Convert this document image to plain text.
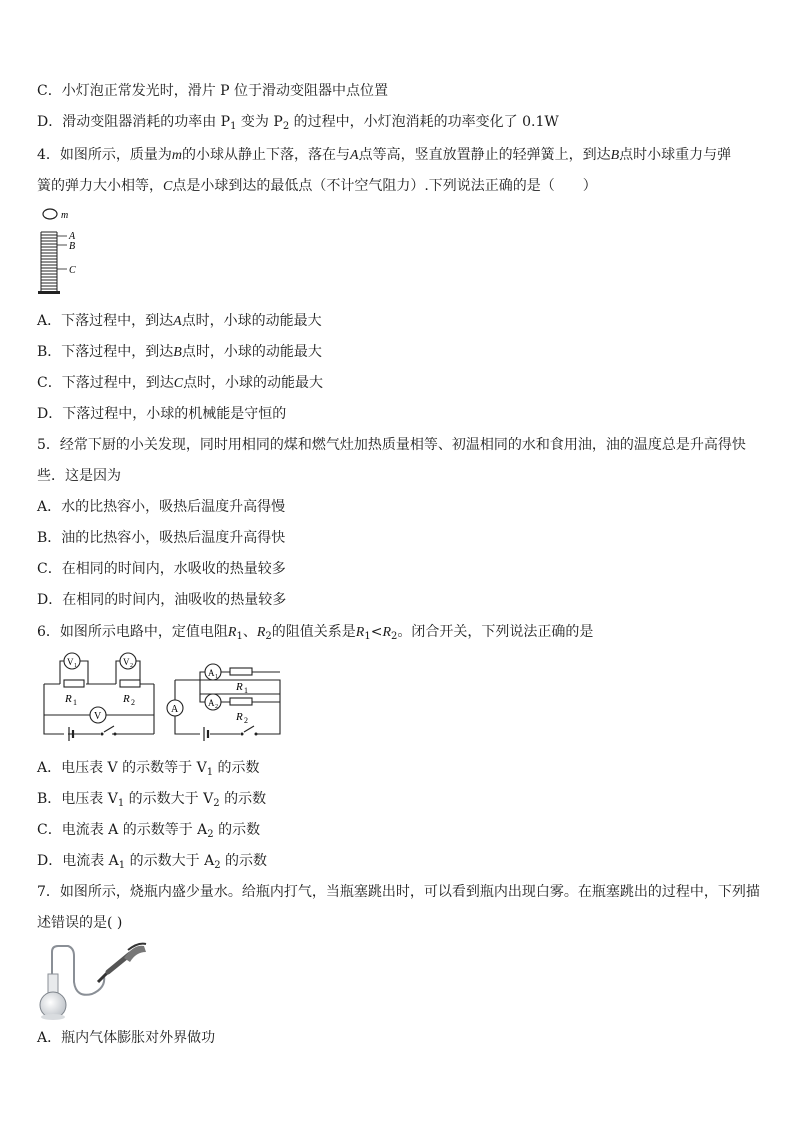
C．小灯泡正常发光时，滑片 P 位于滑动变阻器中点位置
D．滑动变阻器消耗的功率由 $P_1$ 变为 $P_2$ 的过程中，小灯泡消耗的功率变化了 0.1W
4．如图所示，质量为m的小球从静止下落，落在与A点等高，竖直放置静止的轻弹簧上，到达B点时小球重力与弹
簧的弹力大小相等，C点是小球到达的最低点（不计空气阻力）.下列说法正确的是（　　）
m
A
B
C
A．下落过程中，到达A点时，小球的动能最大
B．下落过程中，到达B点时，小球的动能最大
C．下落过程中，到达C点时，小球的动能最大
D．下落过程中，小球的机械能是守恒的
5．经常下厨的小关发现，同时用相同的煤和燃气灶加热质量相等、初温相同的水和食用油，油的温度总是升高得快
些．这是因为
A．水的比热容小，吸热后温度升高得慢
B．油的比热容小，吸热后温度升高得快
C．在相同的时间内，水吸收的热量较多
D．在相同的时间内，油吸收的热量较多
6．如图所示电路中，定值电阻$R_1$、$R_2$的阻值关系是$R_1<R_2$。闭合开关，下列说法正确的是
R 1	R 2
V 1	V 2
V
R 1
R 2
A 1
A 2
A
A．电压表 V 的示数等于 $V_1$ 的示数
B．电压表 $V_1$ 的示数大于 $V_2$ 的示数
C．电流表 A 的示数等于 $A_2$ 的示数
D．电流表 $A_1$ 的示数大于 $A_2$ 的示数
7．如图所示，烧瓶内盛少量水。给瓶内打气，当瓶塞跳出时，可以看到瓶内出现白雾。在瓶塞跳出的过程中，下列描
述错误的是( )
A．瓶内气体膨胀对外界做功
